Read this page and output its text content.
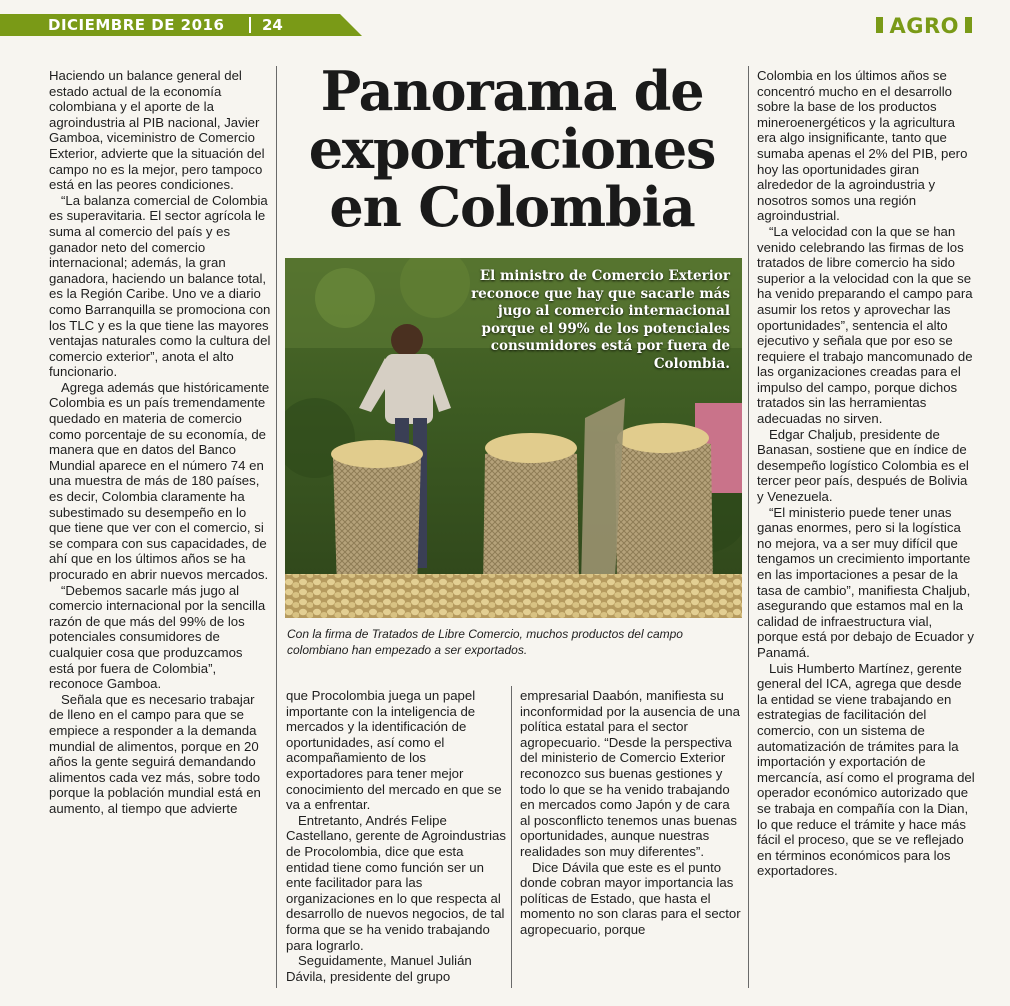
DICIEMBRE DE 2016	24	AGRO

Haciendo un balance general del estado actual de la economía colombiana y el aporte de la agroindustria al PIB nacional, Javier Gamboa, viceministro de Comercio Exterior, advierte que la situación del campo no es la mejor, pero tampoco está en las peores condiciones.

“La balanza comercial de Colombia es superavitaria. El sector agrícola le suma al comercio del país y es ganador neto del comercio internacional; además, la gran ganadora, haciendo un balance total, es la Región Caribe. Uno ve a diario como Barranquilla se promociona con los TLC y es la que tiene las mayores ventajas naturales como la cultura del comercio exterior”, anota el alto funcionario.

Agrega además que históricamente Colombia es un país tremendamente quedado en materia de comercio como porcentaje de su economía, de manera que en datos del Banco Mundial aparece en el número 74 en una muestra de más de 180 países, es decir, Colombia claramente ha subestimado su desempeño en lo que tiene que ver con el comercio, si se compara con sus capacidades, de ahí que en los últimos años se ha procurado en abrir nuevos mercados.

“Debemos sacarle más jugo al comercio internacional por la sencilla razón de que más del 99% de los potenciales consumidores de cualquier cosa que produzcamos está por fuera de Colombia”, reconoce Gamboa.

Señala que es necesario trabajar de lleno en el campo para que se empiece a responder a la demanda mundial de alimentos, porque en 20 años la gente seguirá demandando alimentos cada vez más, sobre todo porque la población mundial está en aumento, al tiempo que advierte

Panorama de exportaciones en Colombia
El ministro de Comercio Exterior reconoce que hay que sacarle más jugo al comercio internacional porque el 99% de los potenciales consumidores está por fuera de Colombia.
Con la firma de Tratados de Libre Comercio, muchos productos del campo colombiano han empezado a ser exportados.

que Procolombia juega un papel importante con la inteligencia de mercados y la identificación de oportunidades, así como el acompañamiento de los exportadores para tener mejor conocimiento del mercado en que se va a enfrentar.

Entretanto, Andrés Felipe Castellano, gerente de Agroindustrias de Procolombia, dice que esta entidad tiene como función ser un ente facilitador para las organizaciones en lo que respecta al desarrollo de nuevos negocios, de tal forma que se ha venido trabajando para lograrlo.

Seguidamente, Manuel Julián Dávila, presidente del grupo

empresarial Daabón, manifiesta su inconformidad por la ausencia de una política estatal para el sector agropecuario. “Desde la perspectiva del ministerio de Comercio Exterior reconozco sus buenas gestiones y todo lo que se ha venido trabajando en mercados como Japón y de cara al posconflicto tenemos unas buenas oportunidades, aunque nuestras realidades son muy diferentes”.

Dice Dávila que este es el punto donde cobran mayor importancia las políticas de Estado, que hasta el momento no son claras para el sector agropecuario, porque

Colombia en los últimos años se concentró mucho en el desarrollo sobre la base de los productos mineroenergéticos y la agricultura era algo insignificante, tanto que sumaba apenas el 2% del PIB, pero hoy las oportunidades giran alrededor de la agroindustria y nosotros somos una región agroindustrial.

“La velocidad con la que se han venido celebrando las firmas de los tratados de libre comercio ha sido superior a la velocidad con la que se ha venido preparando el campo para asumir los retos y aprovechar las oportunidades”, sentencia el alto ejecutivo y señala que por eso se requiere el trabajo mancomunado de las organizaciones creadas para el impulso del campo, porque dichos tratados sin las herramientas adecuadas no sirven.

Edgar Chaljub, presidente de Banasan, sostiene que en índice de desempeño logístico Colombia es el tercer peor país, después de Bolivia y Venezuela.

“El ministerio puede tener unas ganas enormes, pero si la logística no mejora, va a ser muy difícil que tengamos un crecimiento importante en las importaciones a pesar de la tasa de cambio”, manifiesta Chaljub, asegurando que estamos mal en la calidad de infraestructura vial, porque está por debajo de Ecuador y Panamá.

Luis Humberto Martínez, gerente general del ICA, agrega que desde la entidad se viene trabajando en estrategias de facilitación del comercio, con un sistema de automatización de trámites para la importación y exportación de mercancía, así como el programa del operador económico autorizado que se trabaja en compañía con la Dian, lo que reduce el trámite y hace más fácil el proceso, que se ve reflejado en términos económicos para los exportadores.
